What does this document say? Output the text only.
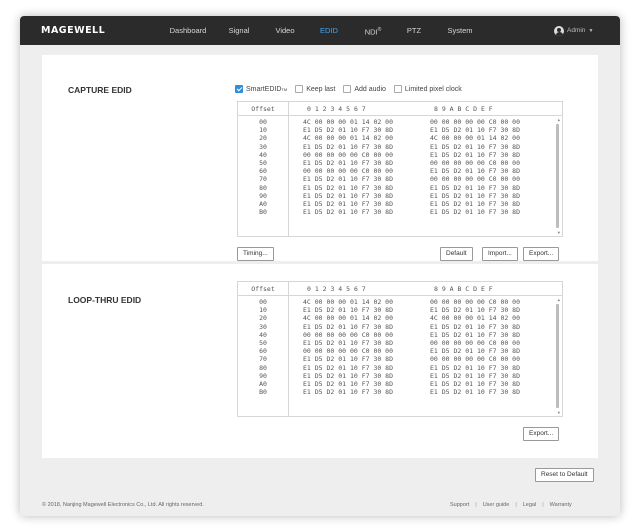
MAGEWELL	Dashboard	Signal	Video	EDID	NDI®	PTZ	System	Admin ▼
CAPTURE EDID	SmartEDID TM	Keep last	Add audio	Limited pixel clock
Offset	0 1 2 3 4 5 6 7	8 9 A B C D E F
00	4C 00 00 00 01 14 02 00	00 00 00 00 00 C0 00 00
10	E1 D5 D2 01 10 F7 30 8D	E1 D5 D2 01 10 F7 30 8D
20	4C 00 00 00 01 14 02 00	4C 00 00 00 01 14 02 00
30	E1 D5 D2 01 10 F7 30 8D	E1 D5 D2 01 10 F7 30 8D
40	00 00 00 00 00 C0 00 00	E1 D5 D2 01 10 F7 30 8D
50	E1 D5 D2 01 10 F7 30 8D	00 00 00 00 00 C0 00 00
60	00 00 00 00 00 C0 00 00	E1 D5 D2 01 10 F7 30 8D
70	E1 D5 D2 01 10 F7 30 8D	00 00 00 00 00 C0 00 00
80	E1 D5 D2 01 10 F7 30 8D	E1 D5 D2 01 10 F7 30 8D
90	E1 D5 D2 01 10 F7 30 8D	E1 D5 D2 01 10 F7 30 8D
A0	E1 D5 D2 01 10 F7 30 8D	E1 D5 D2 01 10 F7 30 8D
B0	E1 D5 D2 01 10 F7 30 8D	E1 D5 D2 01 10 F7 30 8D
▲
▼
Timing...	Default	Import...	Export...
LOOP-THRU EDID
Offset	0 1 2 3 4 5 6 7	8 9 A B C D E F
00	4C 00 00 00 01 14 02 00	00 00 00 00 00 C0 00 00
10	E1 D5 D2 01 10 F7 30 8D	E1 D5 D2 01 10 F7 30 8D
20	4C 00 00 00 01 14 02 00	4C 00 00 00 01 14 02 00
30	E1 D5 D2 01 10 F7 30 8D	E1 D5 D2 01 10 F7 30 8D
40	00 00 00 00 00 C0 00 00	E1 D5 D2 01 10 F7 30 8D
50	E1 D5 D2 01 10 F7 30 8D	00 00 00 00 00 C0 00 00
60	00 00 00 00 00 C0 00 00	E1 D5 D2 01 10 F7 30 8D
70	E1 D5 D2 01 10 F7 30 8D	00 00 00 00 00 C0 00 00
80	E1 D5 D2 01 10 F7 30 8D	E1 D5 D2 01 10 F7 30 8D
90	E1 D5 D2 01 10 F7 30 8D	E1 D5 D2 01 10 F7 30 8D
A0	E1 D5 D2 01 10 F7 30 8D	E1 D5 D2 01 10 F7 30 8D
B0	E1 D5 D2 01 10 F7 30 8D	E1 D5 D2 01 10 F7 30 8D
▲
▼
Export...
Reset to Default
© 2018, Nanjing Magewell Electronics Co., Ltd. All rights reserved.	Support | User guide | Legal | Warranty
